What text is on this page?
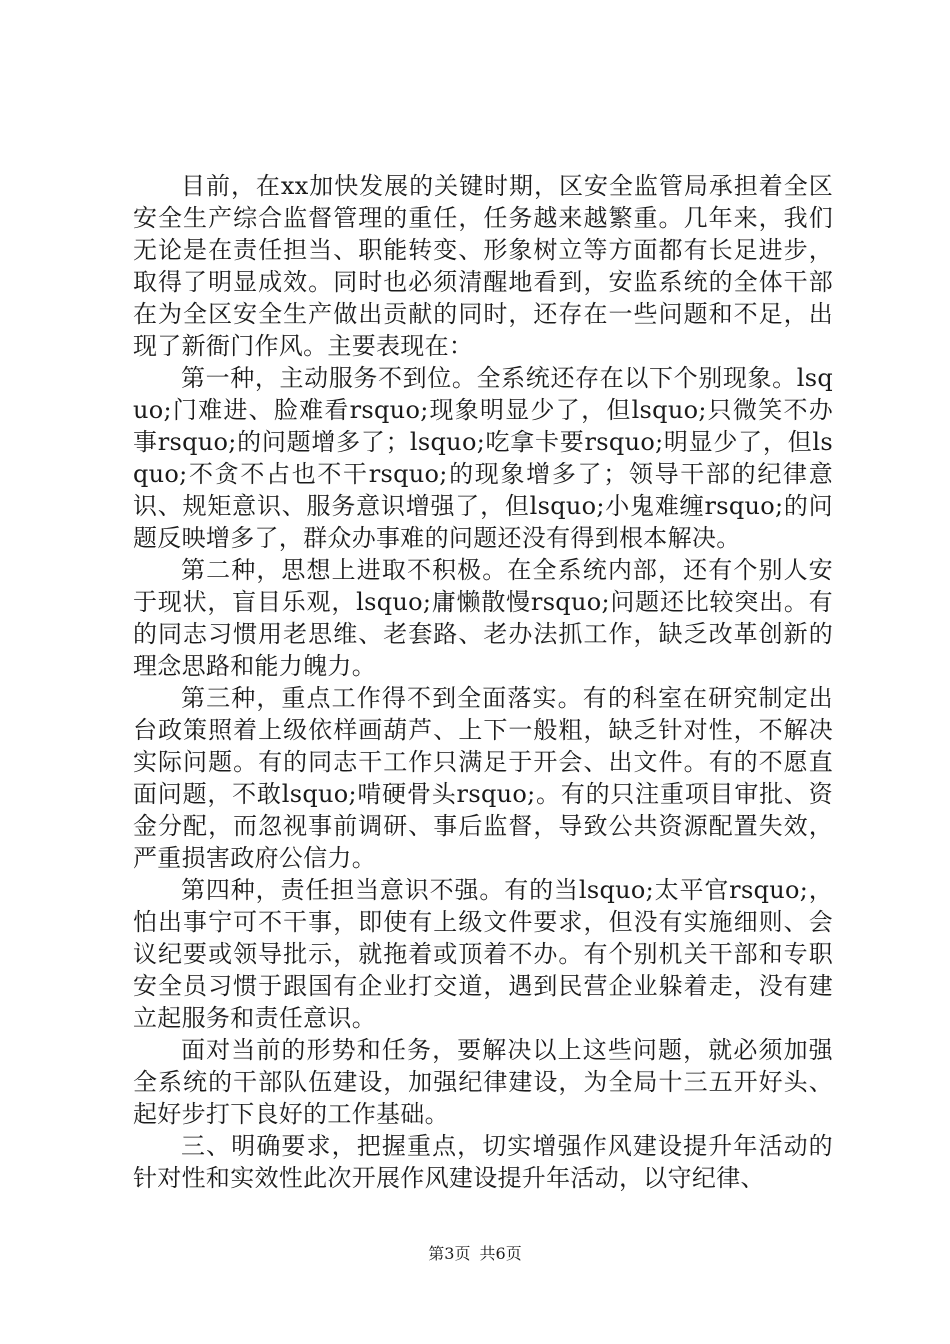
目前，在xx加快发展的关键时期，区安全监管局承担着全区安全生产综合监督管理的重任，任务越来越繁重。几年来，我们无论是在责任担当、职能转变、形象树立等方面都有长足进步，取得了明显成效。同时也必须清醒地看到，安监系统的全体干部在为全区安全生产做出贡献的同时，还存在一些问题和不足，出现了新衙门作风。主要表现在：

第一种，主动服务不到位。全系统还存在以下个别现象。lsquo;门难进、脸难看rsquo;现象明显少了，但lsquo;只微笑不办事rsquo;的问题增多了；lsquo;吃拿卡要rsquo;明显少了，但lsquo;不贪不占也不干rsquo;的现象增多了；领导干部的纪律意识、规矩意识、服务意识增强了，但lsquo;小鬼难缠rsquo;的问题反映增多了，群众办事难的问题还没有得到根本解决。

第二种，思想上进取不积极。在全系统内部，还有个别人安于现状，盲目乐观，lsquo;庸懒散慢rsquo;问题还比较突出。有的同志习惯用老思维、老套路、老办法抓工作，缺乏改革创新的理念思路和能力魄力。

第三种，重点工作得不到全面落实。有的科室在研究制定出台政策照着上级依样画葫芦、上下一般粗，缺乏针对性，不解决实际问题。有的同志干工作只满足于开会、出文件。有的不愿直面问题，不敢lsquo;啃硬骨头rsquo;。有的只注重项目审批、资金分配，而忽视事前调研、事后监督，导致公共资源配置失效，严重损害政府公信力。

第四种，责任担当意识不强。有的当lsquo;太平官rsquo;，怕出事宁可不干事，即使有上级文件要求，但没有实施细则、会议纪要或领导批示，就拖着或顶着不办。有个别机关干部和专职安全员习惯于跟国有企业打交道，遇到民营企业躲着走，没有建立起服务和责任意识。

面对当前的形势和任务，要解决以上这些问题，就必须加强全系统的干部队伍建设，加强纪律建设，为全局十三五开好头、起好步打下良好的工作基础。

三、明确要求，把握重点，切实增强作风建设提升年活动的针对性和实效性此次开展作风建设提升年活动，以守纪律、

第3页 共6页
